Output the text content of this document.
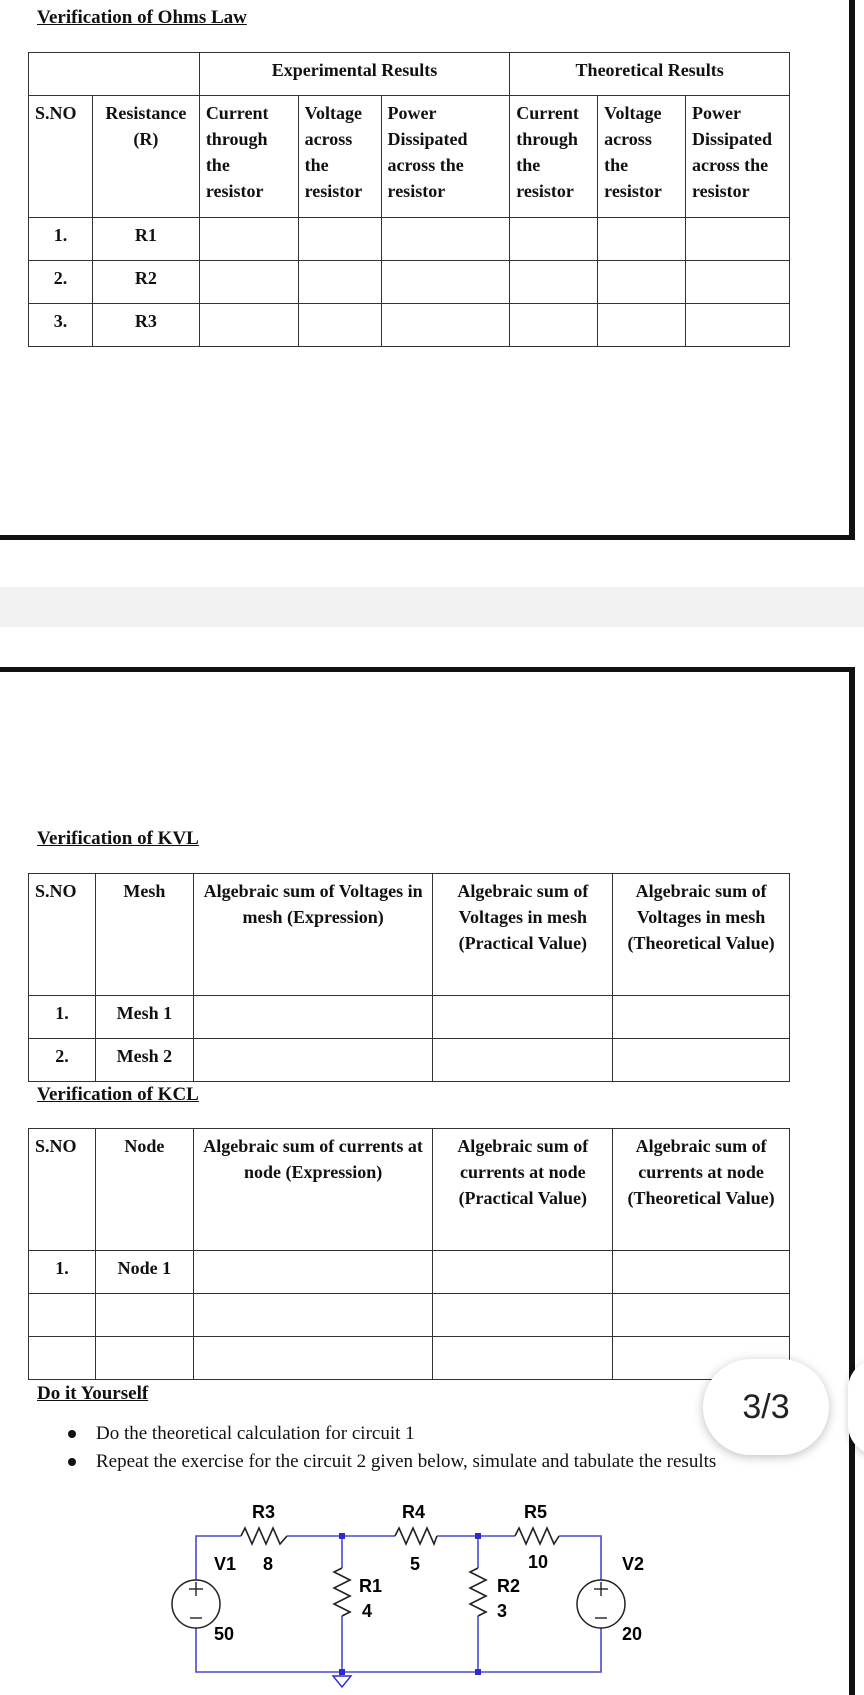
Verification of Ohms Law
		Experimental Results			Theoretical Results		
S.NO	Resistance (R)	Current through the resistor	Voltage across the resistor	Power Dissipated across the resistor	Current through the resistor	Voltage across the resistor	Power Dissipated across the resistor
1.	R1						
2.	R2						
3.	R3						
Verification of KVL
S.NO	Mesh	Algebraic sum of Voltages in mesh (Expression)	Algebraic sum of Voltages in mesh (Practical Value)	Algebraic sum of Voltages in mesh (Theoretical Value)
1.	Mesh 1			
2.	Mesh 2			
Verification of KCL
S.NO	Node	Algebraic sum of currents at node (Expression)	Algebraic sum of currents at node (Practical Value)	Algebraic sum of currents at node (Theoretical Value)
1.	Node 1			

Do it Yourself
Do the theoretical calculation for circuit 1
Repeat the exercise for the circuit 2 given below, simulate and tabulate the results
R3
8
R4
5
R5
10
R1
4
R2
3
V1
50
V2
20
3/3
